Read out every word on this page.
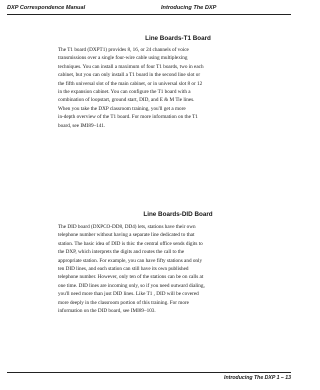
DXP Correspondence Manual	Introducing The DXP
Line Boards-T1 Board
The T1 board (DXPT1) provides 8, 16, or 24 channels of voice
transmissions over a single four-wire cable using multiplexing
techniques. You can install a maximum of four T1 boards, two in each
cabinet, but you can only install a T1 board in the second line slot or
the fifth universal slot of the main cabinet, or in universal slot 8 or 12
in the expansion cabinet. You can configure the T1 board with a
combination of loopstart, ground start, DID, and E & M Tie lines.
When you take the DXP classroom training, you'll get a more
in-depth overview of the T1 board. For more information on the T1
board, see IMI89–141.
Line Boards-DID Board
The DID board (DXPCO-DD8, DD4) lets, stations have their own
telephone number without having a separate line dedicated to that
station. The basic idea of DID is this: the central office sends digits to
the DXP, which interprets the digits and routes the call to the
appropriate station. For example, you can have fifty stations and only
ten DID lines, and each station can still have its own published
telephone number. However, only ten of the stations can be on calls at
one time. DID lines are incoming only, so if you need outward dialing,
you'll need more than just DID lines. Like T1 , DID will be covered
more deeply in the classroom portion of this training. For more
information on the DID board, see IMI89–103.
Introducing The DXP 1 – 13
